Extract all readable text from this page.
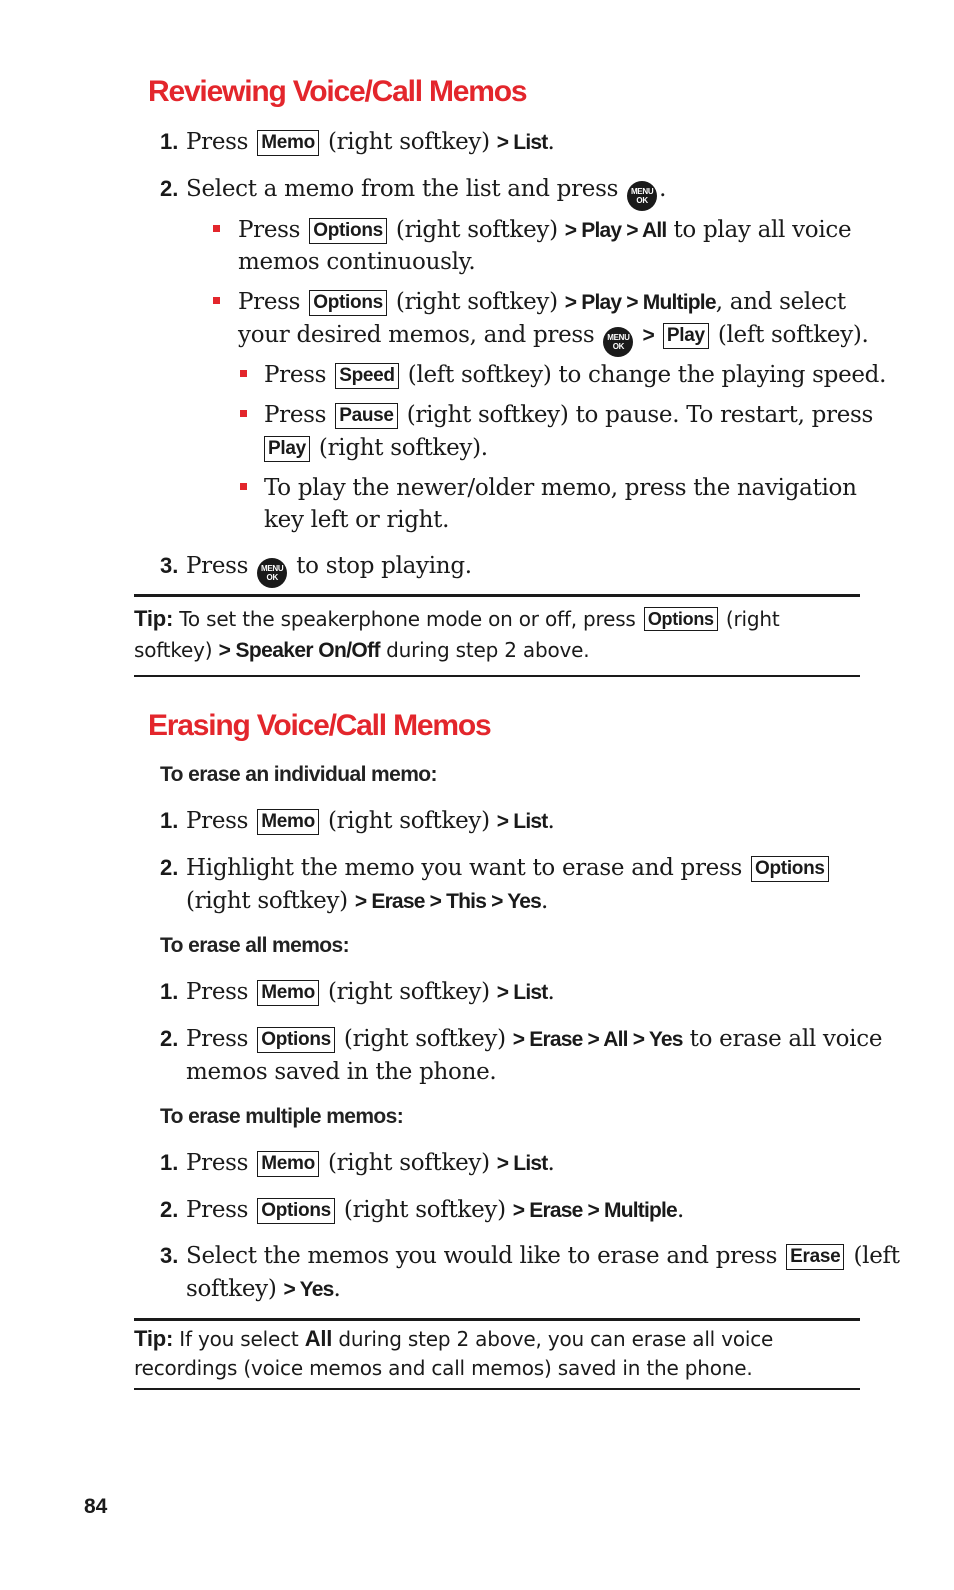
Reviewing Voice/Call Memos
1. Press Memo (right softkey) > List.
2. Select a memo from the list and press MENU
OK .
Press Options (right softkey) > Play > All to play all voice
memos continuously.
Press Options (right softkey) > Play > Multiple, and select
your desired memos, and press MENU
OK > Play (left softkey).
Press Speed (left softkey) to change the playing speed.
Press Pause (right softkey) to pause. To restart, press
Play (right softkey).
To play the newer/older memo, press the navigation
key left or right.
3. Press MENU
OK to stop playing.
Tip: To set the speakerphone mode on or off, press Options (right
softkey) > Speaker On/Off during step 2 above.
Erasing Voice/Call Memos
To erase an individual memo:
1. Press Memo (right softkey) > List.
2. Highlight the memo you want to erase and press Options
(right softkey) > Erase > This > Yes.
To erase all memos:
1. Press Memo (right softkey) > List.
2. Press Options (right softkey) > Erase > All > Yes to erase all voice
memos saved in the phone.
To erase multiple memos:
1. Press Memo (right softkey) > List.
2. Press Options (right softkey) > Erase > Multiple.
3. Select the memos you would like to erase and press Erase (left
softkey) > Yes.
Tip: If you select All during step 2 above, you can erase all voice
recordings (voice memos and call memos) saved in the phone.
84
